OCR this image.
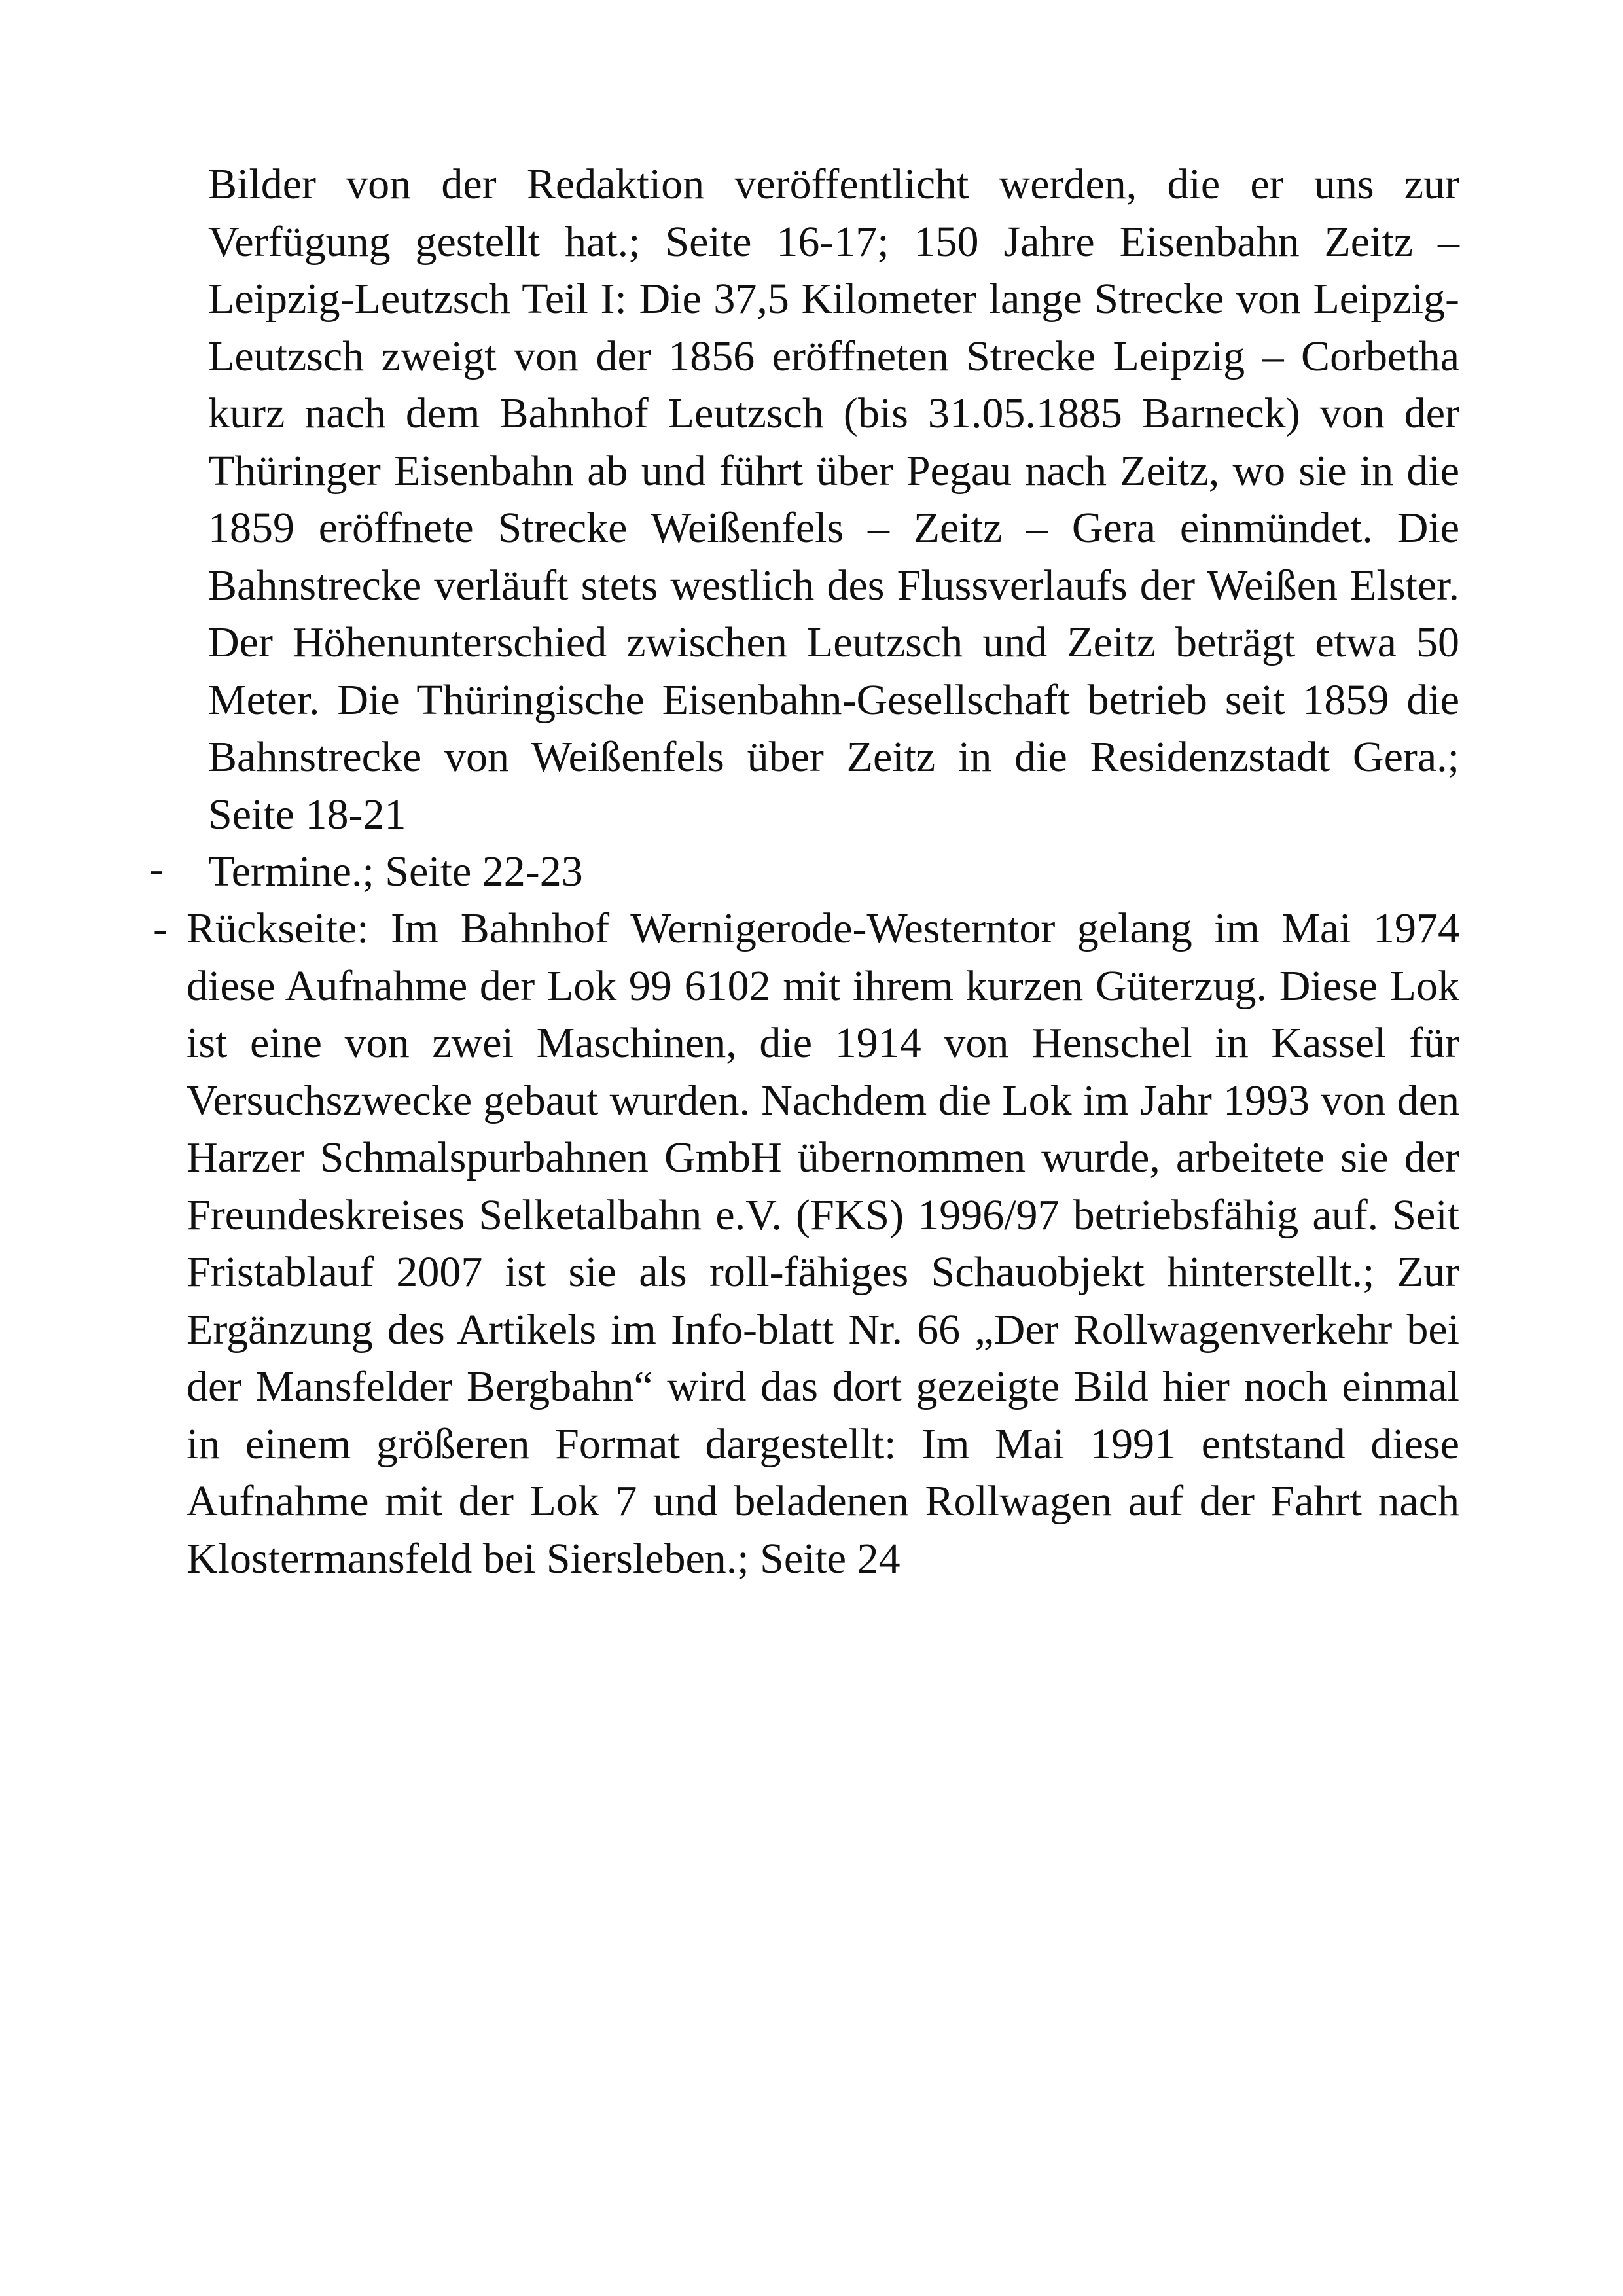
Bilder von der Redaktion veröffentlicht werden, die er uns zur Verfügung gestellt hat.; Seite 16-17; 150 Jahre Eisenbahn Zeitz – Leipzig-Leutzsch Teil I: Die 37,5 Kilometer lange Strecke von Leipzig-Leutzsch zweigt von der 1856 eröffneten Strecke Leipzig – Corbetha kurz nach dem Bahnhof Leutzsch (bis 31.05.1885 Barneck) von der Thüringer Eisenbahn ab und führt über Pegau nach Zeitz, wo sie in die 1859 eröffnete Strecke Weißenfels – Zeitz – Gera einmündet. Die Bahnstrecke verläuft stets westlich des Flussverlaufs der Weißen Elster. Der Höhenunterschied zwischen Leutzsch und Zeitz beträgt etwa 50 Meter. Die Thüringische Eisenbahn-Gesellschaft betrieb seit 1859 die Bahnstrecke von Weißenfels über Zeitz in die Residenzstadt Gera.; Seite 18-21

- Termine.; Seite 22-23

- Rückseite: Im Bahnhof Wernigerode-Westerntor gelang im Mai 1974 diese Aufnahme der Lok 99 6102 mit ihrem kurzen Güterzug. Diese Lok ist eine von zwei Maschinen, die 1914 von Henschel in Kassel für Versuchszwecke gebaut wurden. Nachdem die Lok im Jahr 1993 von den Harzer Schmalspurbahnen GmbH übernommen wurde, arbeitete sie der Freundeskreises Selketalbahn e.V. (FKS) 1996/97 betriebsfähig auf. Seit Fristablauf 2007 ist sie als roll-fähiges Schauobjekt hinterstellt.; Zur Ergänzung des Artikels im Info-blatt Nr. 66 „Der Rollwagenverkehr bei der Mansfelder Bergbahn“ wird das dort gezeigte Bild hier noch einmal in einem größeren Format dargestellt: Im Mai 1991 entstand diese Aufnahme mit der Lok 7 und beladenen Rollwagen auf der Fahrt nach Klostermansfeld bei Siersleben.; Seite 24
